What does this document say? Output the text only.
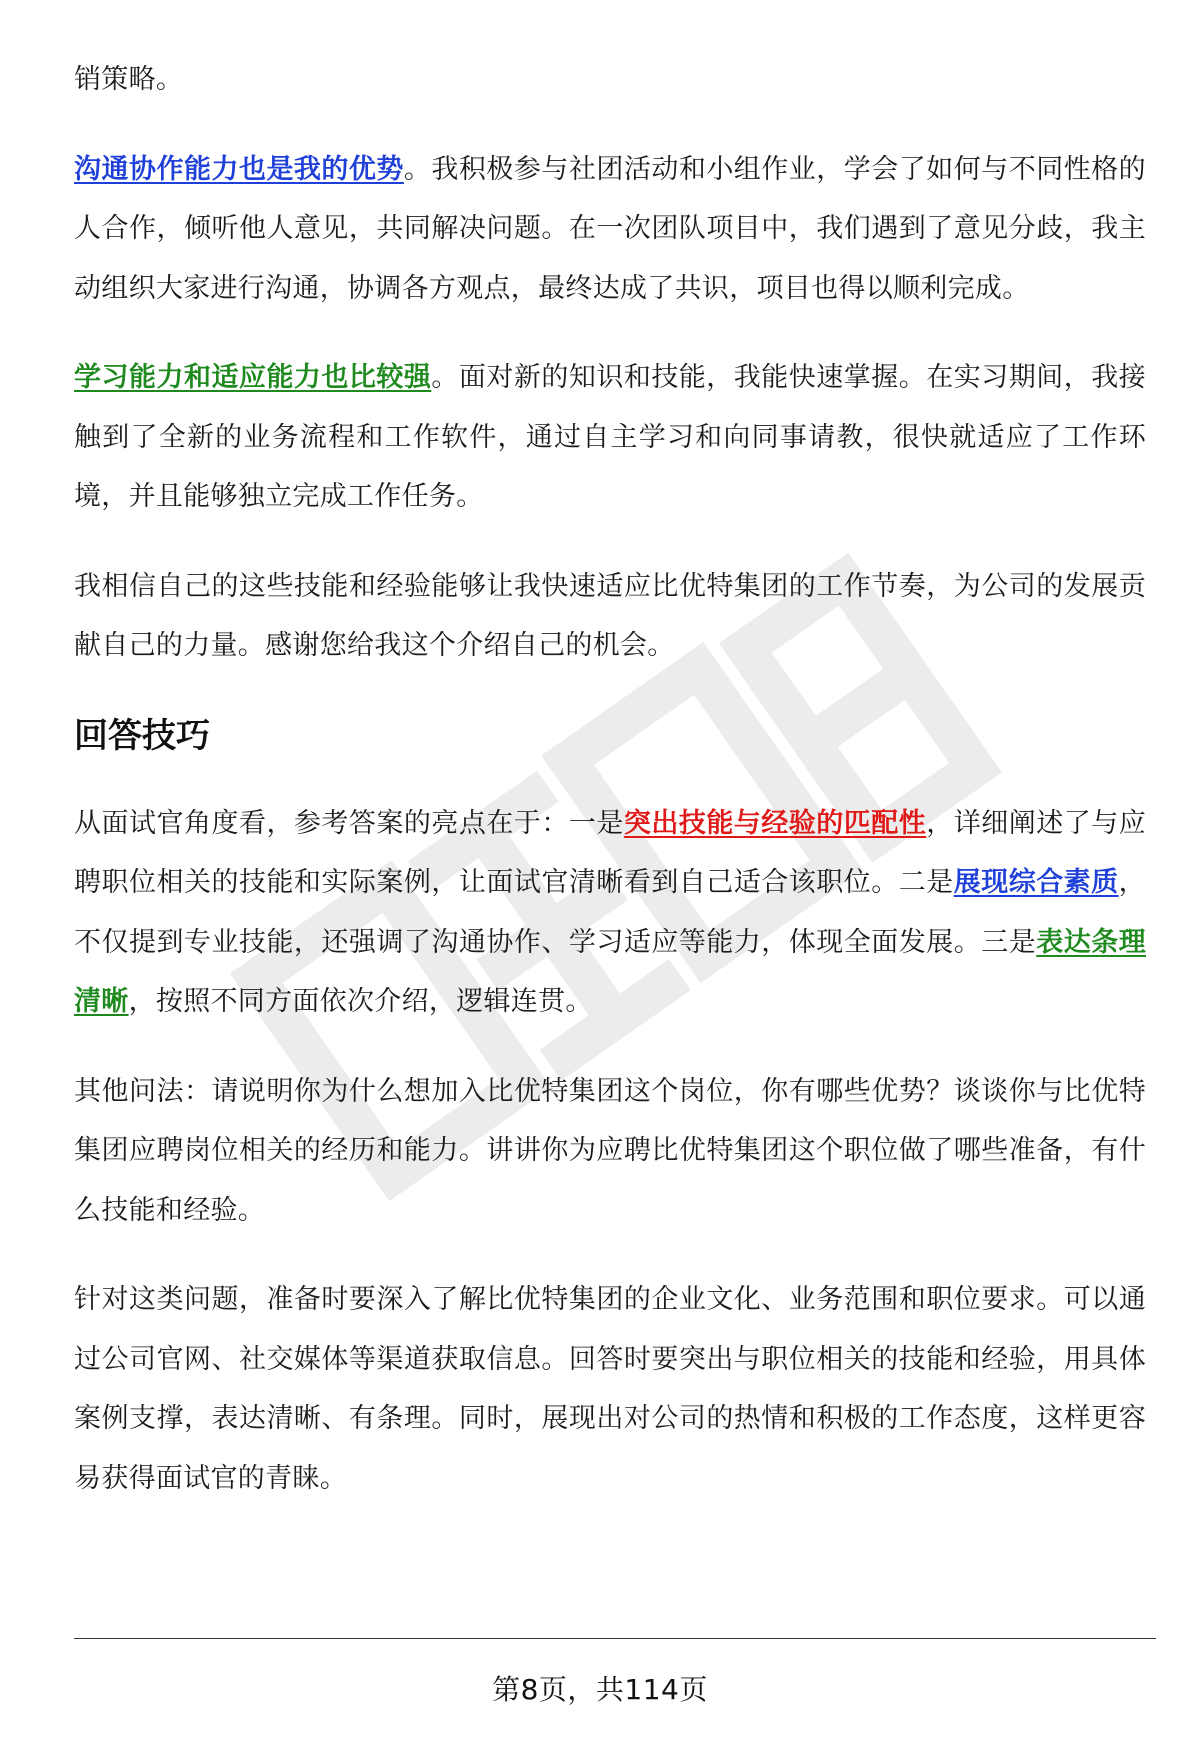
销策略。

沟通协作能力也是我的优势。我积极参与社团活动和小组作业，学会了如何与不同性格的人合作，倾听他人意见，共同解决问题。在一次团队项目中，我们遇到了意见分歧，我主动组织大家进行沟通，协调各方观点，最终达成了共识，项目也得以顺利完成。

学习能力和适应能力也比较强。面对新的知识和技能，我能快速掌握。在实习期间，我接触到了全新的业务流程和工作软件，通过自主学习和向同事请教，很快就适应了工作环境，并且能够独立完成工作任务。

我相信自己的这些技能和经验能够让我快速适应比优特集团的工作节奏，为公司的发展贡献自己的力量。感谢您给我这个介绍自己的机会。

回答技巧

从面试官角度看，参考答案的亮点在于：一是突出技能与经验的匹配性，详细阐述了与应聘职位相关的技能和实际案例，让面试官清晰看到自己适合该职位。二是展现综合素质，不仅提到专业技能，还强调了沟通协作、学习适应等能力，体现全面发展。三是表达条理清晰，按照不同方面依次介绍，逻辑连贯。

其他问法：请说明你为什么想加入比优特集团这个岗位，你有哪些优势？谈谈你与比优特集团应聘岗位相关的经历和能力。讲讲你为应聘比优特集团这个职位做了哪些准备，有什么技能和经验。

针对这类问题，准备时要深入了解比优特集团的企业文化、业务范围和职位要求。可以通过公司官网、社交媒体等渠道获取信息。回答时要突出与职位相关的技能和经验，用具体案例支撑，表达清晰、有条理。同时，展现出对公司的热情和积极的工作态度，这样更容易获得面试官的青睐。

第8页，共114页
